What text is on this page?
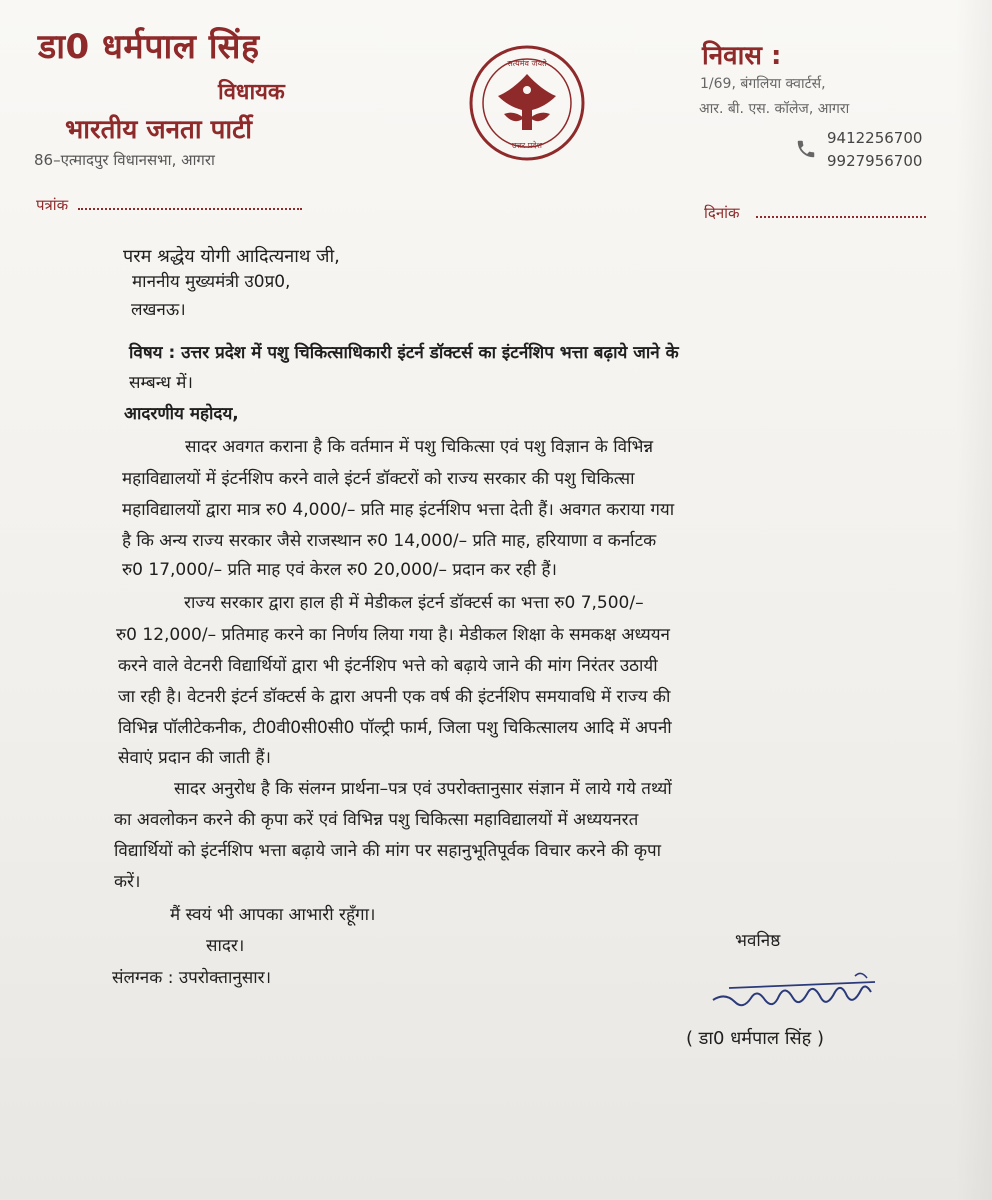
डा0 धर्मपाल सिंह
विधायक
भारतीय जनता पार्टी
86–एत्मादपुर विधानसभा, आगरा
सत्यमेव जयते
उत्तर प्रदेश
निवास :
1/69, बंगलिया क्वार्टर्स,
आर. बी. एस. कॉलेज, आगरा
9412256700
9927956700
पत्रांक	दिनांक
परम श्रद्धेय योगी आदित्यनाथ जी,
माननीय मुख्यमंत्री उ0प्र0,
लखनऊ।
विषय : उत्तर प्रदेश में पशु चिकित्साधिकारी इंटर्न डॉक्टर्स का इंटर्नशिप भत्ता बढ़ाये जाने के
सम्बन्ध में।
आदरणीय महोदय,
सादर अवगत कराना है कि वर्तमान में पशु चिकित्सा एवं पशु विज्ञान के विभिन्न
महाविद्यालयों में इंटर्नशिप करने वाले इंटर्न डॉक्टरों को राज्य सरकार की पशु चिकित्सा
महाविद्यालयों द्वारा मात्र रु0 4,000/– प्रति माह इंटर्नशिप भत्ता देती हैं। अवगत कराया गया
है कि अन्य राज्य सरकार जैसे राजस्थान रु0 14,000/– प्रति माह, हरियाणा व कर्नाटक
रु0 17,000/– प्रति माह एवं केरल रु0 20,000/– प्रदान कर रही हैं।
राज्य सरकार द्वारा हाल ही में मेडीकल इंटर्न डॉक्टर्स का भत्ता रु0 7,500/–
रु0 12,000/– प्रतिमाह करने का निर्णय लिया गया है। मेडीकल शिक्षा के समकक्ष अध्ययन
करने वाले वेटनरी विद्यार्थियों द्वारा भी इंटर्नशिप भत्ते को बढ़ाये जाने की मांग निरंतर उठायी
जा रही है। वेटनरी इंटर्न डॉक्टर्स के द्वारा अपनी एक वर्ष की इंटर्नशिप समयावधि में राज्य की
विभिन्न पॉलीटेकनीक, टी0वी0सी0सी0 पॉल्ट्री फार्म, जिला पशु चिकित्सालय आदि में अपनी
सेवाएं प्रदान की जाती हैं।
सादर अनुरोध है कि संलग्न प्रार्थना–पत्र एवं उपरोक्तानुसार संज्ञान में लाये गये तथ्यों
का अवलोकन करने की कृपा करें एवं विभिन्न पशु चिकित्सा महाविद्यालयों में अध्ययनरत
विद्यार्थियों को इंटर्नशिप भत्ता बढ़ाये जाने की मांग पर सहानुभूतिपूर्वक विचार करने की कृपा
करें।
मैं स्वयं भी आपका आभारी रहूँगा।
सादर।
संलग्नक : उपरोक्तानुसार।
भवनिष्ठ
( डा0 धर्मपाल सिंह )
